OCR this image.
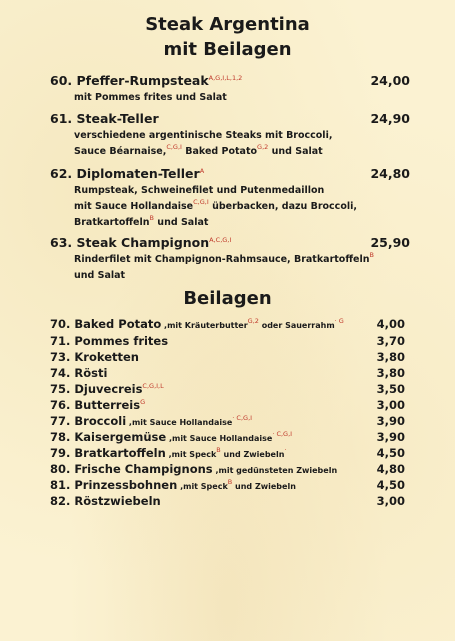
Steak Argentina
mit Beilagen
60. Pfeffer-Rumpsteak$^{A,G,I,L,1,2}$	24,00
mit Pommes frites und Salat
61. Steak-Teller	24,90
verschiedene argentinische Steaks mit Broccoli,
Sauce Béarnaise,$^{C,G,I}$ Baked Potato$^{G,2}$ und Salat
62. Diplomaten-Teller$^A$	24,80
Rumpsteak, Schweinefilet und Putenmedaillon
mit Sauce Hollandaise$^{C,G,I}$ überbacken, dazu Broccoli,
Bratkartoffeln$^B$ und Salat
63. Steak Champignon$^{A,C,G,I}$	25,90
Rinderfilet mit Champignon-Rahmsauce, Bratkartoffeln$^B$
und Salat
Beilagen
70. Baked Potato ,mit Kräuterbutter$^{G,2}$ oder Sauerrahm$^{\cdot G}$	4,00
71. Pommes frites	3,70
73. Kroketten	3,80
74. Rösti	3,80
75. Djuvecreis$^{C,G,I,L}$	3,50
76. Butterreis$^G$	3,00
77. Broccoli ,mit Sauce Hollandaise$^{\cdot C,G,I}$	3,90
78. Kaisergemüse ,mit Sauce Hollandaise$^{\cdot C,G,I}$	3,90
79. Bratkartoffeln ,mit Speck$^B$ und Zwiebeln·	4,50
80. Frische Champignons ,mit gedünsteten Zwiebeln	4,80
81. Prinzessbohnen ,mit Speck$^B$ und Zwiebeln	4,50
82. Röstzwiebeln	3,00
